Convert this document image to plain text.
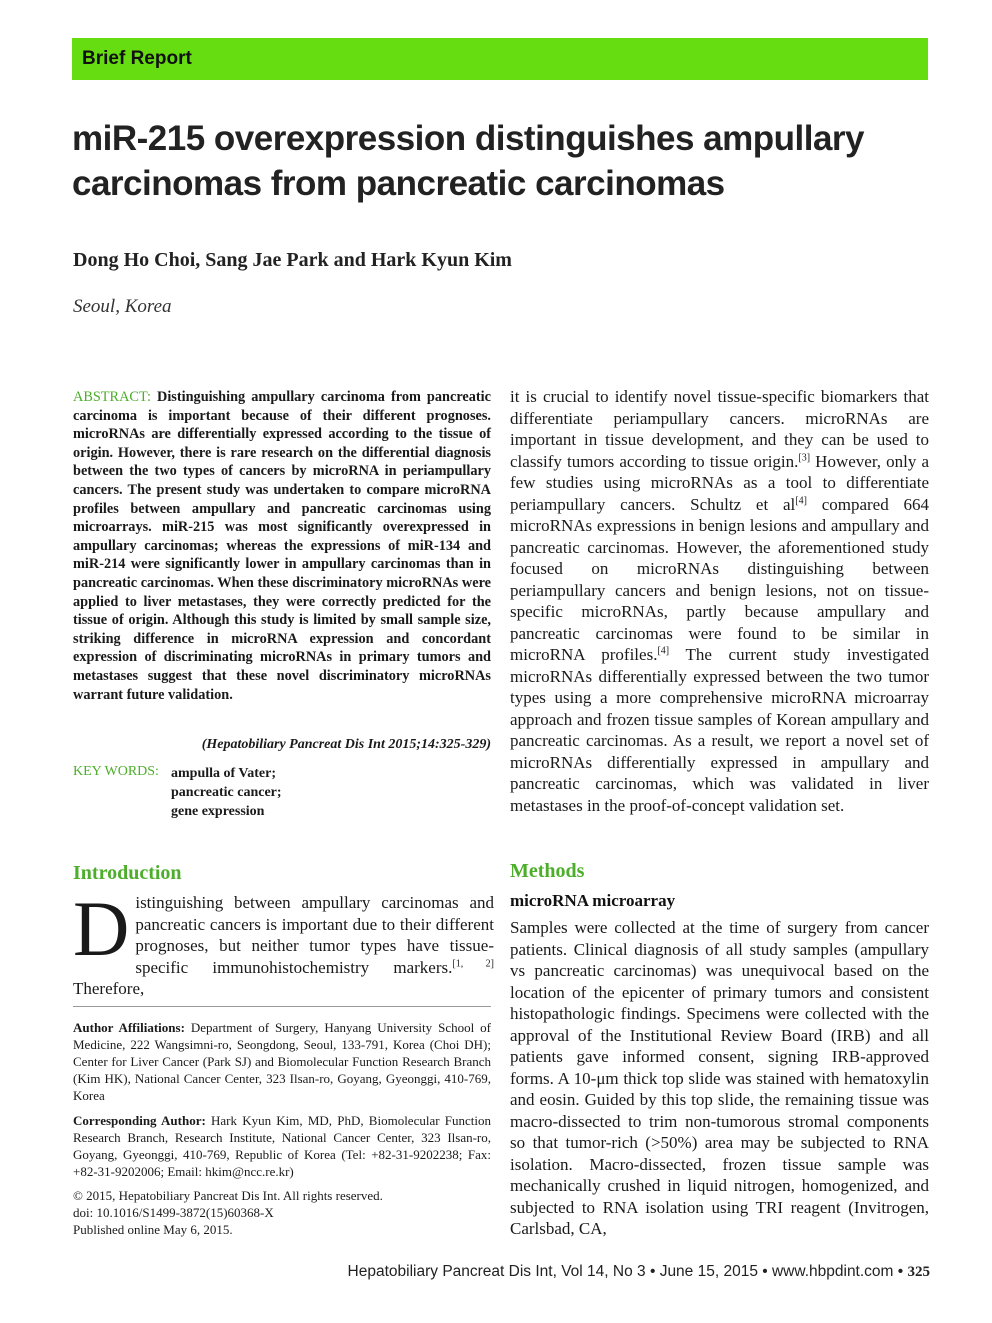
Brief Report
miR-215 overexpression distinguishes ampullary carcinomas from pancreatic carcinomas
Dong Ho Choi, Sang Jae Park and Hark Kyun Kim
Seoul, Korea
ABSTRACT: Distinguishing ampullary carcinoma from pancreatic carcinoma is important because of their different prognoses. microRNAs are differentially expressed according to the tissue of origin. However, there is rare research on the differential diagnosis between the two types of cancers by microRNA in periampullary cancers. The present study was undertaken to compare microRNA profiles between ampullary and pancreatic carcinomas using microarrays. miR-215 was most significantly overexpressed in ampullary carcinomas; whereas the expressions of miR-134 and miR-214 were significantly lower in ampullary carcinomas than in pancreatic carcinomas. When these discriminatory microRNAs were applied to liver metastases, they were correctly predicted for the tissue of origin. Although this study is limited by small sample size, striking difference in microRNA expression and concordant expression of discriminating microRNAs in primary tumors and metastases suggest that these novel discriminatory microRNAs warrant future validation.
(Hepatobiliary Pancreat Dis Int 2015;14:325-329)
KEY WORDS: ampulla of Vater;
pancreatic cancer;
gene expression
Introduction
Distinguishing between ampullary carcinomas and pancreatic cancers is important due to their different prognoses, but neither tumor types have tissue-specific immunohistochemistry markers.[1, 2] Therefore,
Author Affiliations: Department of Surgery, Hanyang University School of Medicine, 222 Wangsimni-ro, Seongdong, Seoul, 133-791, Korea (Choi DH); Center for Liver Cancer (Park SJ) and Biomolecular Function Research Branch (Kim HK), National Cancer Center, 323 Ilsan-ro, Goyang, Gyeonggi, 410-769, Korea
Corresponding Author: Hark Kyun Kim, MD, PhD, Biomolecular Function Research Branch, Research Institute, National Cancer Center, 323 Ilsan-ro, Goyang, Gyeonggi, 410-769, Republic of Korea (Tel: +82-31-9202238; Fax: +82-31-9202006; Email: hkim@ncc.re.kr)
© 2015, Hepatobiliary Pancreat Dis Int. All rights reserved.
doi: 10.1016/S1499-3872(15)60368-X
Published online May 6, 2015.
it is crucial to identify novel tissue-specific biomarkers that differentiate periampullary cancers. microRNAs are important in tissue development, and they can be used to classify tumors according to tissue origin.[3] However, only a few studies using microRNAs as a tool to differentiate periampullary cancers. Schultz et al[4] compared 664 microRNAs expressions in benign lesions and ampullary and pancreatic carcinomas. However, the aforementioned study focused on microRNAs distinguishing between periampullary cancers and benign lesions, not on tissue-specific microRNAs, partly because ampullary and pancreatic carcinomas were found to be similar in microRNA profiles.[4] The current study investigated microRNAs differentially expressed between the two tumor types using a more comprehensive microRNA microarray approach and frozen tissue samples of Korean ampullary and pancreatic carcinomas. As a result, we report a novel set of microRNAs differentially expressed in ampullary and pancreatic carcinomas, which was validated in liver metastases in the proof-of-concept validation set.
Methods
microRNA microarray
Samples were collected at the time of surgery from cancer patients. Clinical diagnosis of all study samples (ampullary vs pancreatic carcinomas) was unequivocal based on the location of the epicenter of primary tumors and consistent histopathologic findings. Specimens were collected with the approval of the Institutional Review Board (IRB) and all patients gave informed consent, signing IRB-approved forms. A 10-μm thick top slide was stained with hematoxylin and eosin. Guided by this top slide, the remaining tissue was macro-dissected to trim non-tumorous stromal components so that tumor-rich (>50%) area may be subjected to RNA isolation. Macro-dissected, frozen tissue sample was mechanically crushed in liquid nitrogen, homogenized, and subjected to RNA isolation using TRI reagent (Invitrogen, Carlsbad, CA,
Hepatobiliary Pancreat Dis Int, Vol 14, No 3 • June 15, 2015 • www.hbpdint.com • 325
